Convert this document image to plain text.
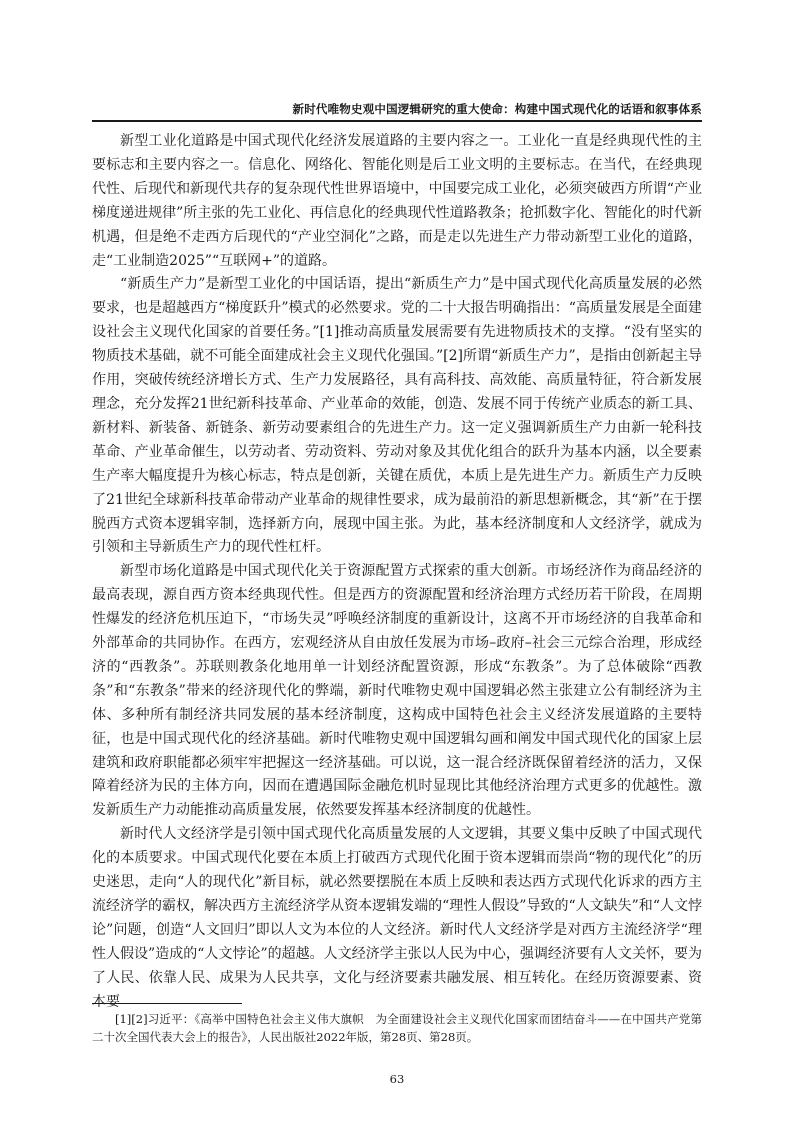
新时代唯物史观中国逻辑研究的重大使命：构建中国式现代化的话语和叙事体系

新型工业化道路是中国式现代化经济发展道路的主要内容之一。工业化一直是经典现代性的主要标志和主要内容之一。信息化、网络化、智能化则是后工业文明的主要标志。在当代，在经典现代性、后现代和新现代共存的复杂现代性世界语境中，中国要完成工业化，必须突破西方所谓“产业梯度递进规律”所主张的先工业化、再信息化的经典现代性道路教条；抢抓数字化、智能化的时代新机遇，但是绝不走西方后现代的“产业空洞化”之路，而是走以先进生产力带动新型工业化的道路，走“工业制造2025”“互联网+”的道路。

“新质生产力”是新型工业化的中国话语，提出“新质生产力”是中国式现代化高质量发展的必然要求，也是超越西方“梯度跃升”模式的必然要求。党的二十大报告明确指出：“高质量发展是全面建设社会主义现代化国家的首要任务。”[1]推动高质量发展需要有先进物质技术的支撑。“没有坚实的物质技术基础，就不可能全面建成社会主义现代化强国。”[2]所谓“新质生产力”，是指由创新起主导作用，突破传统经济增长方式、生产力发展路径，具有高科技、高效能、高质量特征，符合新发展理念，充分发挥21世纪新科技革命、产业革命的效能，创造、发展不同于传统产业质态的新工具、新材料、新装备、新链条、新劳动要素组合的先进生产力。这一定义强调新质生产力由新一轮科技革命、产业革命催生，以劳动者、劳动资料、劳动对象及其优化组合的跃升为基本内涵，以全要素生产率大幅度提升为核心标志，特点是创新，关键在质优，本质上是先进生产力。新质生产力反映了21世纪全球新科技革命带动产业革命的规律性要求，成为最前沿的新思想新概念，其“新”在于摆脱西方式资本逻辑宰制，选择新方向，展现中国主张。为此，基本经济制度和人文经济学，就成为引领和主导新质生产力的现代性杠杆。

新型市场化道路是中国式现代化关于资源配置方式探索的重大创新。市场经济作为商品经济的最高表现，源自西方资本经典现代性。但是西方的资源配置和经济治理方式经历若干阶段，在周期性爆发的经济危机压迫下，“市场失灵”呼唤经济制度的重新设计，这离不开市场经济的自我革命和外部革命的共同协作。在西方，宏观经济从自由放任发展为市场–政府–社会三元综合治理，形成经济的“西教条”。苏联则教条化地用单一计划经济配置资源，形成“东教条”。为了总体破除“西教条”和“东教条”带来的经济现代化的弊端，新时代唯物史观中国逻辑必然主张建立公有制经济为主体、多种所有制经济共同发展的基本经济制度，这构成中国特色社会主义经济发展道路的主要特征，也是中国式现代化的经济基础。新时代唯物史观中国逻辑勾画和阐发中国式现代化的国家上层建筑和政府职能都必须牢牢把握这一经济基础。可以说，这一混合经济既保留着经济的活力，又保障着经济为民的主体方向，因而在遭遇国际金融危机时显现比其他经济治理方式更多的优越性。激发新质生产力动能推动高质量发展，依然要发挥基本经济制度的优越性。

新时代人文经济学是引领中国式现代化高质量发展的人文逻辑，其要义集中反映了中国式现代化的本质要求。中国式现代化要在本质上打破西方式现代化囿于资本逻辑而崇尚“物的现代化”的历史迷思，走向“人的现代化”新目标，就必然要摆脱在本质上反映和表达西方式现代化诉求的西方主流经济学的霸权，解决西方主流经济学从资本逻辑发端的“理性人假设”导致的“人文缺失”和“人文悖论”问题，创造“人文回归”即以人文为本位的人文经济。新时代人文经济学是对西方主流经济学“理性人假设”造成的“人文悖论”的超越。人文经济学主张以人民为中心，强调经济要有人文关怀，要为了人民、依靠人民、成果为人民共享，文化与经济要素共融发展、相互转化。在经历资源要素、资本要

[1][2]习近平：《高举中国特色社会主义伟大旗帜　为全面建设社会主义现代化国家而团结奋斗——在中国共产党第二十次全国代表大会上的报告》，人民出版社2022年版，第28页、第28页。

63
